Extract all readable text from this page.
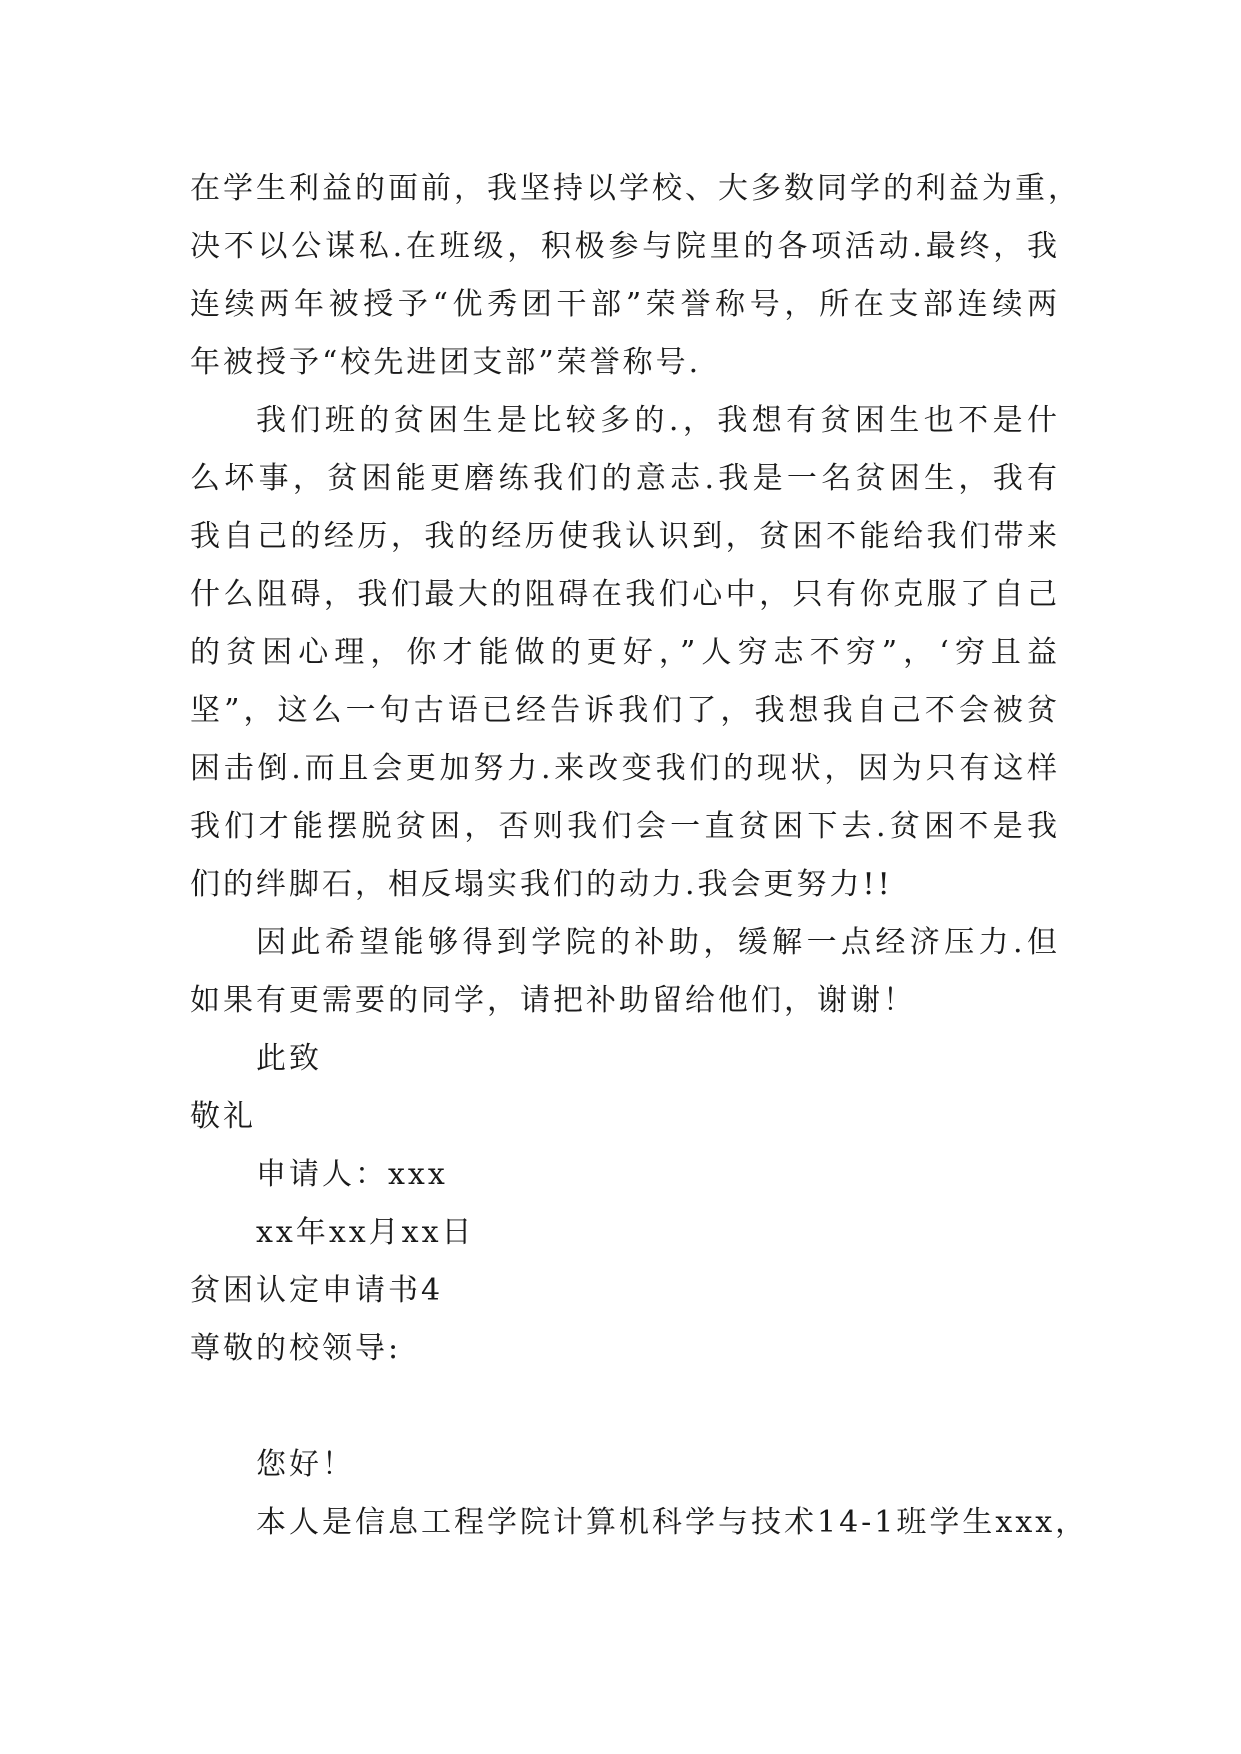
在学生利益的面前，我坚持以学校、大多数同学的利益为重，
决不以公谋私.在班级，积极参与院里的各项活动.最终，我
连续两年被授予“优秀团干部”荣誉称号，所在支部连续两
年被授予“校先进团支部”荣誉称号.
我们班的贫困生是比较多的.，我想有贫困生也不是什
么坏事，贫困能更磨练我们的意志.我是一名贫困生，我有
我自己的经历，我的经历使我认识到，贫困不能给我们带来
什么阻碍，我们最大的阻碍在我们心中，只有你克服了自己
的贫困心理，你才能做的更好，”人穷志不穷”，‘穷且益
坚”，这么一句古语已经告诉我们了，我想我自己不会被贫
困击倒.而且会更加努力.来改变我们的现状，因为只有这样
我们才能摆脱贫困，否则我们会一直贫困下去.贫困不是我
们的绊脚石，相反塌实我们的动力.我会更努力!!
因此希望能够得到学院的补助，缓解一点经济压力.但
如果有更需要的同学，请把补助留给他们，谢谢！
此致
敬礼
申请人：xxx
xx年xx月xx日
贫困认定申请书4
尊敬的校领导:
您好！
本人是信息工程学院计算机科学与技术14-1班学生xxx，
